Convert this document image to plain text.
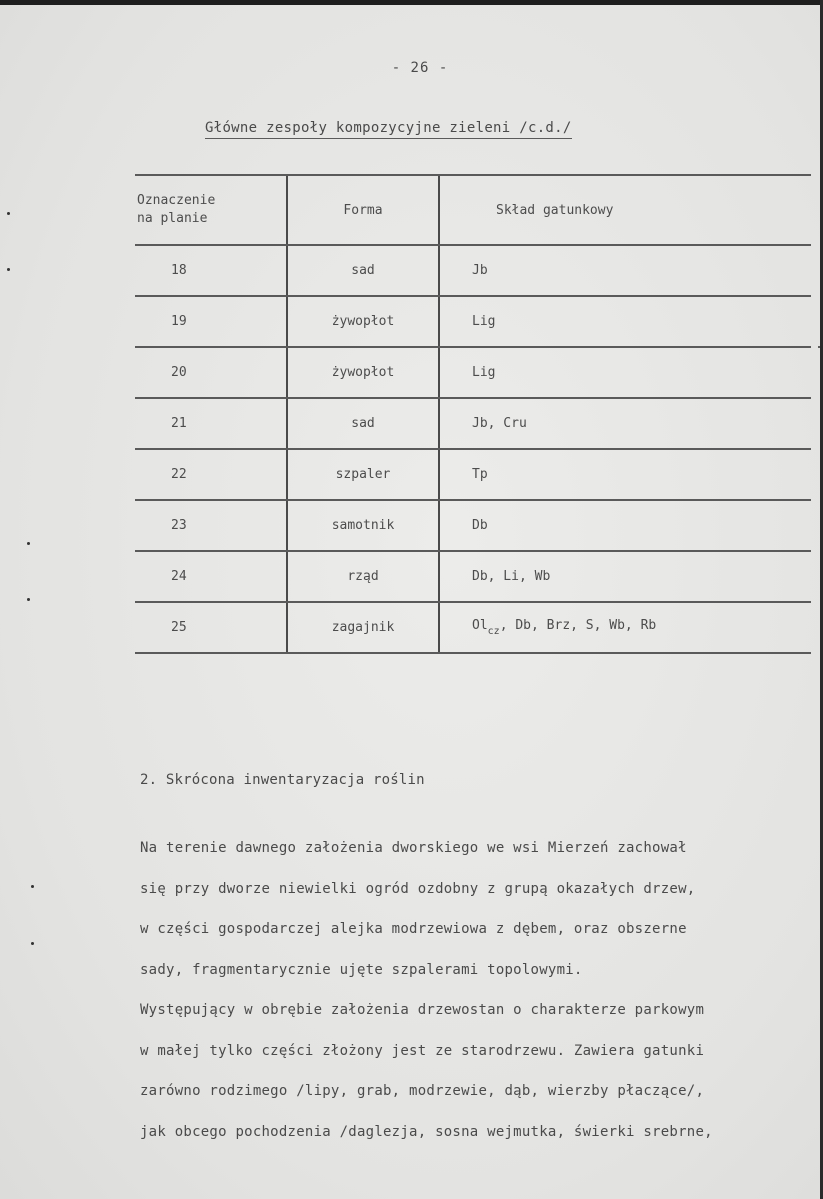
- 26 -
Główne zespoły kompozycyjne zieleni /c.d./
Oznaczenie
na planie	Forma	Skład gatunkowy
18	sad	Jb
19	żywopłot	Lig
20	żywopłot	Lig
21	sad	Jb, Cru
22	szpaler	Tp
23	samotnik	Db
24	rząd	Db, Li, Wb
25	zagajnik	$Ol_{cz}$, Db, Brz, S, Wb, Rb
2. Skrócona inwentaryzacja roślin
Na terenie dawnego założenia dworskiego we wsi Mierzeń zachował
się przy dworze niewielki ogród ozdobny z grupą okazałych drzew,
w części gospodarczej alejka modrzewiowa z dębem, oraz obszerne
sady, fragmentarycznie ujęte szpalerami topolowymi.
Występujący w obrębie założenia drzewostan o charakterze parkowym
w małej tylko części złożony jest ze starodrzewu. Zawiera gatunki
zarówno rodzimego /lipy, grab, modrzewie, dąb, wierzby płaczące/,
jak obcego pochodzenia /daglezja, sosna wejmutka, świerki srebrne,
